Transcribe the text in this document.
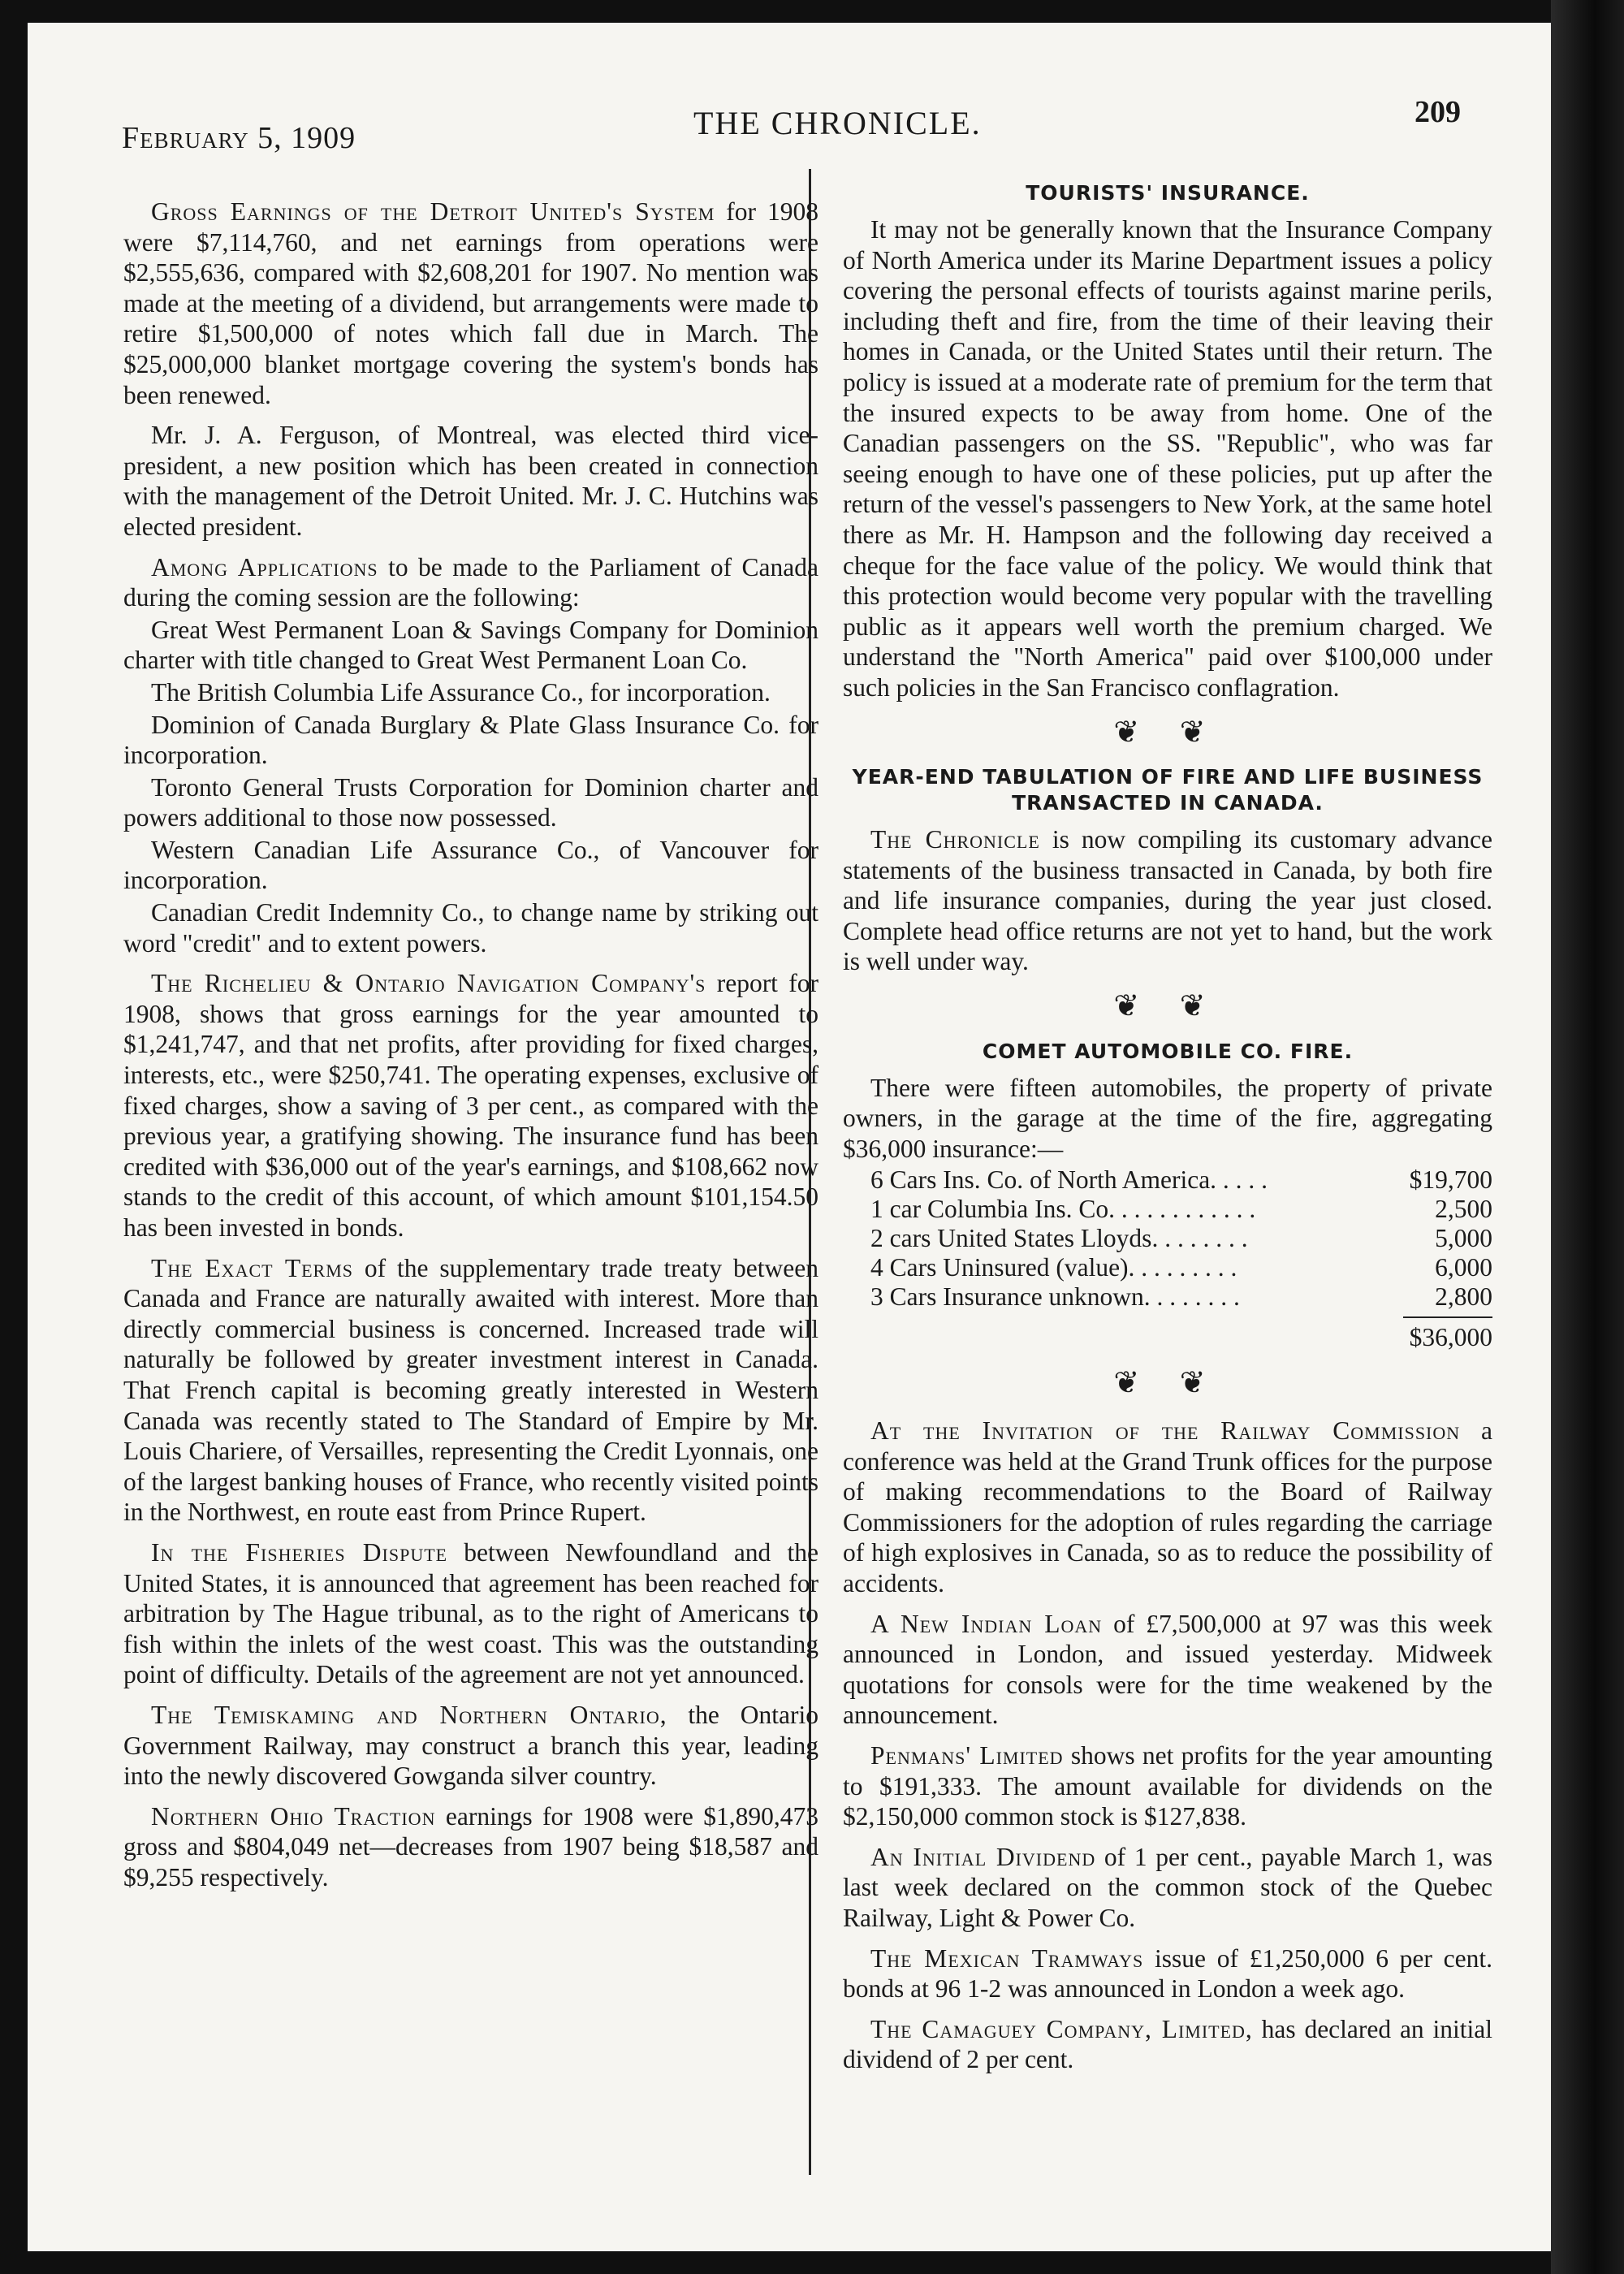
February 5, 1909	THE CHRONICLE.	209

Gross Earnings of the Detroit United's System for 1908 were $7,114,760, and net earnings from operations were $2,555,636, compared with $2,608,201 for 1907. No mention was made at the meeting of a dividend, but arrangements were made to retire $1,500,000 of notes which fall due in March. The $25,000,000 blanket mortgage covering the system's bonds has been renewed.

Mr. J. A. Ferguson, of Montreal, was elected third vice-president, a new position which has been created in connection with the management of the Detroit United. Mr. J. C. Hutchins was elected president.

Among Applications to be made to the Parliament of Canada during the coming session are the following:

Great West Permanent Loan & Savings Company for Dominion charter with title changed to Great West Permanent Loan Co.

The British Columbia Life Assurance Co., for incorporation.

Dominion of Canada Burglary & Plate Glass Insurance Co. for incorporation.

Toronto General Trusts Corporation for Dominion charter and powers additional to those now possessed.

Western Canadian Life Assurance Co., of Vancouver for incorporation.

Canadian Credit Indemnity Co., to change name by striking out word "credit" and to extent powers.

The Richelieu & Ontario Navigation Company's report for 1908, shows that gross earnings for the year amounted to $1,241,747, and that net profits, after providing for fixed charges, interests, etc., were $250,741. The operating expenses, exclusive of fixed charges, show a saving of 3 per cent., as compared with the previous year, a gratifying showing. The insurance fund has been credited with $36,000 out of the year's earnings, and $108,662 now stands to the credit of this account, of which amount $101,154.50 has been invested in bonds.

The Exact Terms of the supplementary trade treaty between Canada and France are naturally awaited with interest. More than directly commercial business is concerned. Increased trade will naturally be followed by greater investment interest in Canada. That French capital is becoming greatly interested in Western Canada was recently stated to The Standard of Empire by Mr. Louis Chariere, of Versailles, representing the Credit Lyonnais, one of the largest banking houses of France, who recently visited points in the Northwest, en route east from Prince Rupert.

In the Fisheries Dispute between Newfoundland and the United States, it is announced that agreement has been reached for arbitration by The Hague tribunal, as to the right of Americans to fish within the inlets of the west coast. This was the outstanding point of difficulty. Details of the agreement are not yet announced.

The Temiskaming and Northern Ontario, the Ontario Government Railway, may construct a branch this year, leading into the newly discovered Gowganda silver country.

Northern Ohio Traction earnings for 1908 were $1,890,473 gross and $804,049 net—decreases from 1907 being $18,587 and $9,255 respectively.

TOURISTS' INSURANCE.

It may not be generally known that the Insurance Company of North America under its Marine Department issues a policy covering the personal effects of tourists against marine perils, including theft and fire, from the time of their leaving their homes in Canada, or the United States until their return. The policy is issued at a moderate rate of premium for the term that the insured expects to be away from home. One of the Canadian passengers on the SS. "Republic", who was far seeing enough to have one of these policies, put up after the return of the vessel's passengers to New York, at the same hotel there as Mr. H. Hampson and the following day received a cheque for the face value of the policy. We would think that this protection would become very popular with the travelling public as it appears well worth the premium charged. We understand the "North America" paid over $100,000 under such policies in the San Francisco conflagration.

❦ ❦
YEAR-END TABULATION OF FIRE AND LIFE BUSINESS TRANSACTED IN CANADA.

The Chronicle is now compiling its customary advance statements of the business transacted in Canada, by both fire and life insurance companies, during the year just closed. Complete head office returns are not yet to hand, but the work is well under way.

❦ ❦
COMET AUTOMOBILE CO. FIRE.

There were fifteen automobiles, the property of private owners, in the garage at the time of the fire, aggregating $36,000 insurance:—

6 Cars Ins. Co. of North America. . . . .	$19,700
1 car Columbia Ins. Co. . . . . . . . . . . .	2,500
2 cars United States Lloyds. . . . . . . .	5,000
4 Cars Uninsured (value). . . . . . . . .	6,000
3 Cars Insurance unknown. . . . . . . .	2,800
$36,000
❦ ❦

At the Invitation of the Railway Commission a conference was held at the Grand Trunk offices for the purpose of making recommendations to the Board of Railway Commissioners for the adoption of rules regarding the carriage of high explosives in Canada, so as to reduce the possibility of accidents.

A New Indian Loan of £7,500,000 at 97 was this week announced in London, and issued yesterday. Midweek quotations for consols were for the time weakened by the announcement.

Penmans' Limited shows net profits for the year amounting to $191,333. The amount available for dividends on the $2,150,000 common stock is $127,838.

An Initial Dividend of 1 per cent., payable March 1, was last week declared on the common stock of the Quebec Railway, Light & Power Co.

The Mexican Tramways issue of £1,250,000 6 per cent. bonds at 96 1-2 was announced in London a week ago.

The Camaguey Company, Limited, has declared an initial dividend of 2 per cent.
